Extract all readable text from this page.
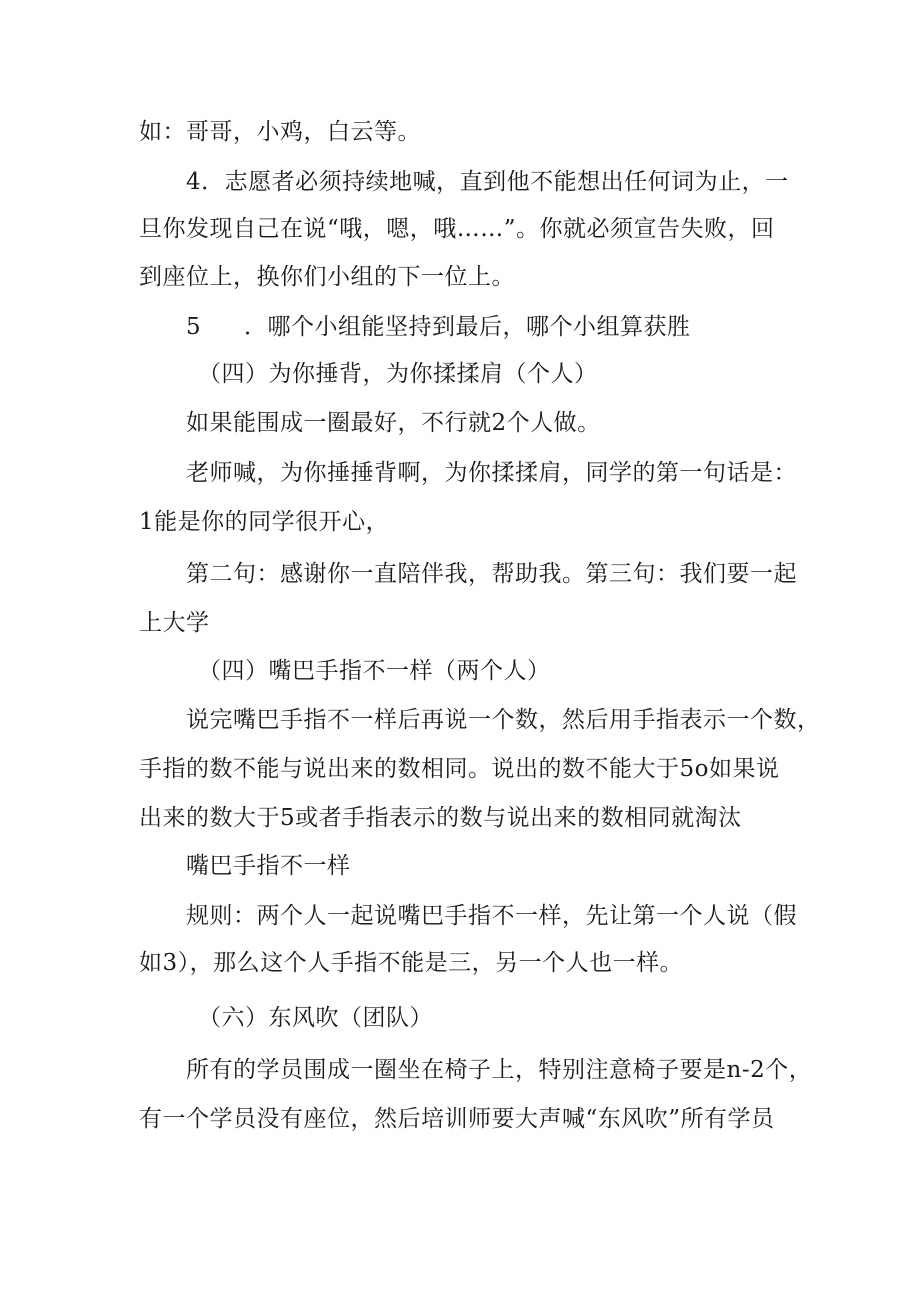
如：哥哥，小鸡，白云等。
4．志愿者必须持续地喊，直到他不能想出任何词为止，一
旦你发现自己在说“哦，嗯，哦……”。你就必须宣告失败，回
到座位上，换你们小组的下一位上。
5 ．哪个小组能坚持到最后，哪个小组算获胜
（四）为你捶背，为你揉揉肩（个人）
如果能围成一圈最好，不行就2个人做。
老师喊，为你捶捶背啊，为你揉揉肩，同学的第一句话是：
1能是你的同学很开心，
第二句：感谢你一直陪伴我，帮助我。第三句：我们要一起
上大学
（四）嘴巴手指不一样（两个人）
说完嘴巴手指不一样后再说一个数，然后用手指表示一个数，
手指的数不能与说出来的数相同。说出的数不能大于5o如果说
出来的数大于5或者手指表示的数与说出来的数相同就淘汰
嘴巴手指不一样
规则：两个人一起说嘴巴手指不一样，先让第一个人说（假
如3），那么这个人手指不能是三，另一个人也一样。
（六）东风吹（团队）
所有的学员围成一圈坐在椅子上，特别注意椅子要是n-2个，
有一个学员没有座位，然后培训师要大声喊“东风吹”所有学员
